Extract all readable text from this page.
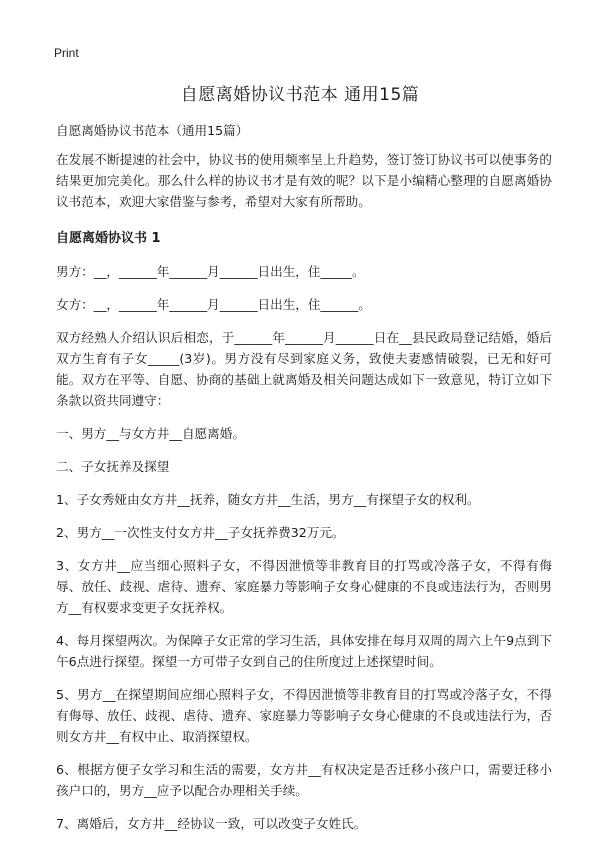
Print
自愿离婚协议书范本 通用15篇

自愿离婚协议书范本（通用15篇）

在发展不断提速的社会中，协议书的使用频率呈上升趋势，签订签订协议书可以使事务的结果更加完美化。那么什么样的协议书才是有效的呢？以下是小编精心整理的自愿离婚协议书范本，欢迎大家借鉴与参考，希望对大家有所帮助。

自愿离婚协议书 1

男方：__，______年______月______日出生，住_____。

女方：__，______年______月______日出生，住______。

双方经熟人介绍认识后相恋，于______年______月______日在__县民政局登记结婚，婚后双方生育有子女_____(3岁)。男方没有尽到家庭义务，致使夫妻感情破裂，已无和好可能。双方在平等、自愿、协商的基础上就离婚及相关问题达成如下一致意见，特订立如下条款以资共同遵守：

一、男方__与女方井__自愿离婚。

二、子女抚养及探望

1、子女秀娅由女方井__抚养，随女方井__生活，男方__有探望子女的权利。

2、男方__一次性支付女方井__子女抚养费32万元。

3、女方井__应当细心照料子女，不得因泄愤等非教育目的打骂或冷落子女，不得有侮辱、放任、歧视、虐待、遗弃、家庭暴力等影响子女身心健康的不良或违法行为，否则男方__有权要求变更子女抚养权。

4、每月探望两次。为保障子女正常的学习生活，具体安排在每月双周的周六上午9点到下午6点进行探望。探望一方可带子女到自己的住所度过上述探望时间。

5、男方__在探望期间应细心照料子女，不得因泄愤等非教育目的打骂或冷落子女，不得有侮辱、放任、歧视、虐待、遗弃、家庭暴力等影响子女身心健康的不良或违法行为，否则女方井__有权中止、取消探望权。

6、根据方便子女学习和生活的需要，女方井__有权决定是否迁移小孩户口，需要迁移小孩户口的，男方__应予以配合办理相关手续。

7、离婚后，女方井__经协议一致，可以改变子女姓氏。
